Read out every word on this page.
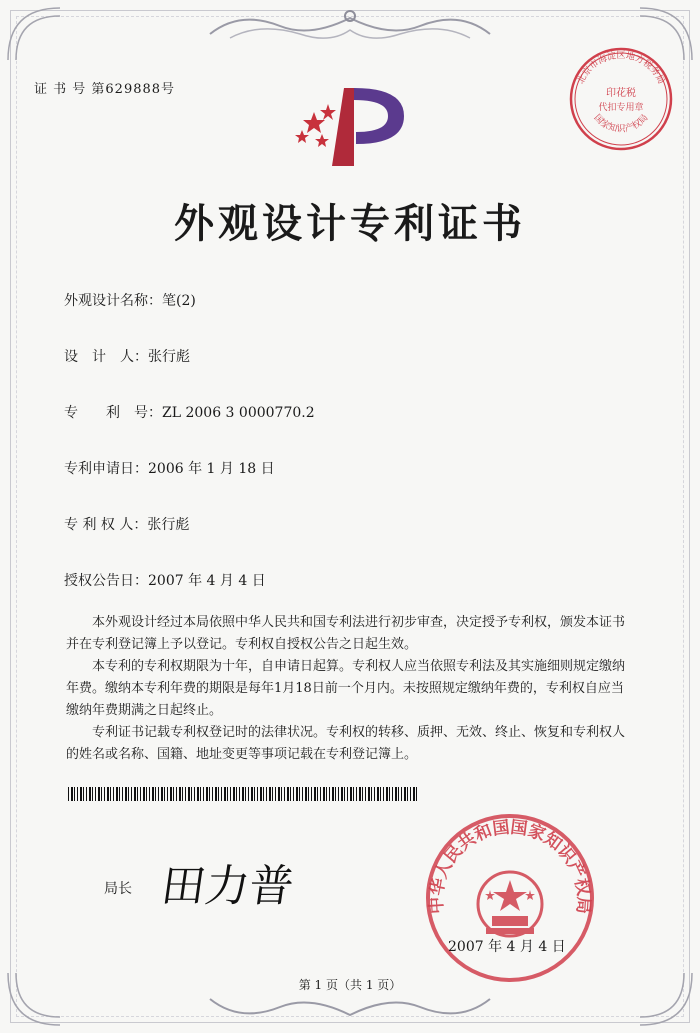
证 书 号 第629888号
北京市海淀区地方税务局
印花税
代扣专用章
国家知识产权局
外观设计专利证书
外观设计名称：笔(2)
设　计　人：张行彪
专　　利　号：ZL 2006 3 0000770.2
专利申请日：2006 年 1 月 18 日
专 利 权 人：张行彪
授权公告日：2007 年 4 月 4 日

本外观设计经过本局依照中华人民共和国专利法进行初步审查，决定授予专利权，颁发本证书并在专利登记簿上予以登记。专利权自授权公告之日起生效。

本专利的专利权期限为十年，自申请日起算。专利权人应当依照专利法及其实施细则规定缴纳年费。缴纳本专利年费的期限是每年1月18日前一个月内。未按照规定缴纳年费的，专利权自应当缴纳年费期满之日起终止。

专利证书记载专利权登记时的法律状况。专利权的转移、质押、无效、终止、恢复和专利权人的姓名或名称、国籍、地址变更等事项记载在专利登记簿上。

局长 田力普	中华人民共和国国家知识产权局
2007 年 4 月 4 日
第 1 页（共 1 页）
